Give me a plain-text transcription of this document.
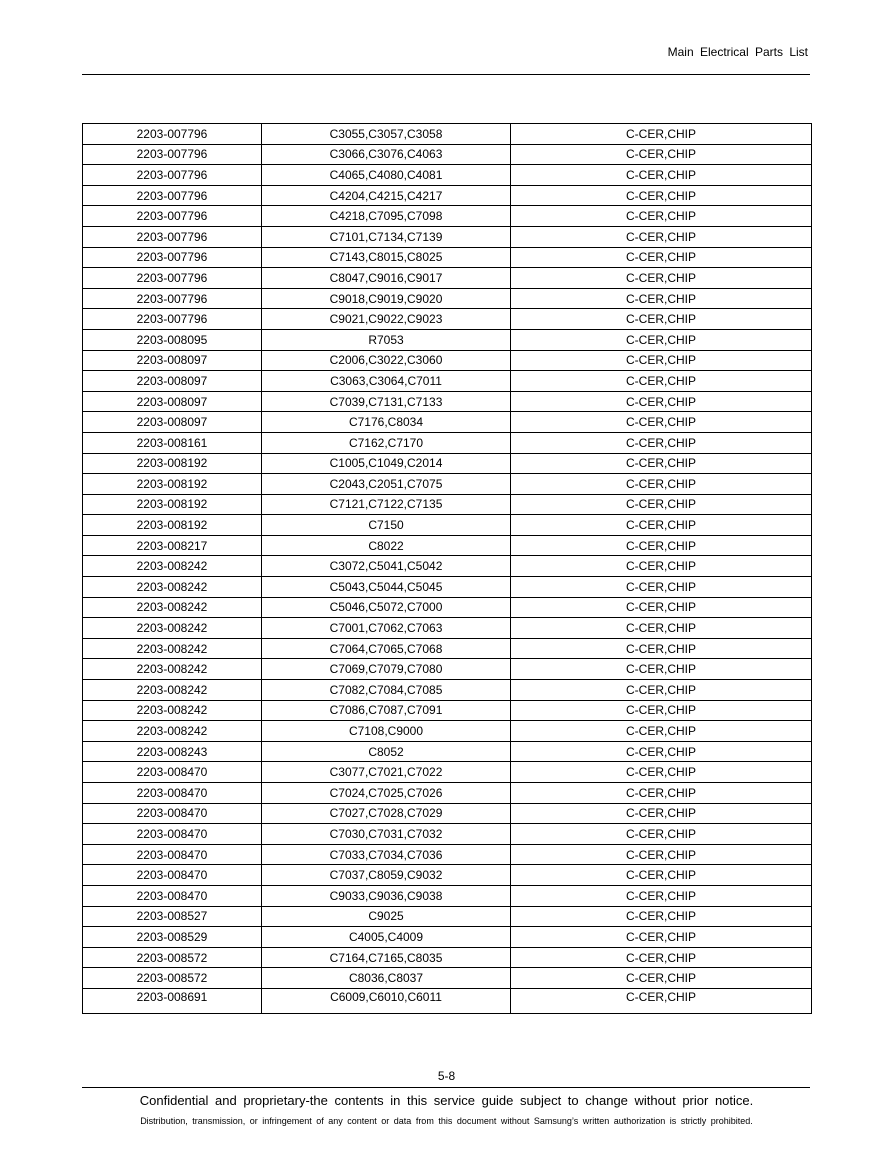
Main Electrical Parts List
2203-007796	C3055,C3057,C3058	C-CER,CHIP
2203-007796	C3066,C3076,C4063	C-CER,CHIP
2203-007796	C4065,C4080,C4081	C-CER,CHIP
2203-007796	C4204,C4215,C4217	C-CER,CHIP
2203-007796	C4218,C7095,C7098	C-CER,CHIP
2203-007796	C7101,C7134,C7139	C-CER,CHIP
2203-007796	C7143,C8015,C8025	C-CER,CHIP
2203-007796	C8047,C9016,C9017	C-CER,CHIP
2203-007796	C9018,C9019,C9020	C-CER,CHIP
2203-007796	C9021,C9022,C9023	C-CER,CHIP
2203-008095	R7053	C-CER,CHIP
2203-008097	C2006,C3022,C3060	C-CER,CHIP
2203-008097	C3063,C3064,C7011	C-CER,CHIP
2203-008097	C7039,C7131,C7133	C-CER,CHIP
2203-008097	C7176,C8034	C-CER,CHIP
2203-008161	C7162,C7170	C-CER,CHIP
2203-008192	C1005,C1049,C2014	C-CER,CHIP
2203-008192	C2043,C2051,C7075	C-CER,CHIP
2203-008192	C7121,C7122,C7135	C-CER,CHIP
2203-008192	C7150	C-CER,CHIP
2203-008217	C8022	C-CER,CHIP
2203-008242	C3072,C5041,C5042	C-CER,CHIP
2203-008242	C5043,C5044,C5045	C-CER,CHIP
2203-008242	C5046,C5072,C7000	C-CER,CHIP
2203-008242	C7001,C7062,C7063	C-CER,CHIP
2203-008242	C7064,C7065,C7068	C-CER,CHIP
2203-008242	C7069,C7079,C7080	C-CER,CHIP
2203-008242	C7082,C7084,C7085	C-CER,CHIP
2203-008242	C7086,C7087,C7091	C-CER,CHIP
2203-008242	C7108,C9000	C-CER,CHIP
2203-008243	C8052	C-CER,CHIP
2203-008470	C3077,C7021,C7022	C-CER,CHIP
2203-008470	C7024,C7025,C7026	C-CER,CHIP
2203-008470	C7027,C7028,C7029	C-CER,CHIP
2203-008470	C7030,C7031,C7032	C-CER,CHIP
2203-008470	C7033,C7034,C7036	C-CER,CHIP
2203-008470	C7037,C8059,C9032	C-CER,CHIP
2203-008470	C9033,C9036,C9038	C-CER,CHIP
2203-008527	C9025	C-CER,CHIP
2203-008529	C4005,C4009	C-CER,CHIP
2203-008572	C7164,C7165,C8035	C-CER,CHIP
2203-008572	C8036,C8037	C-CER,CHIP
2203-008691	C6009,C6010,C6011	C-CER,CHIP
5-8
Confidential and proprietary-the contents in this service guide subject to change without prior notice.
Distribution, transmission, or infringement of any content or data from this document without Samsung’s written authorization is strictly prohibited.
